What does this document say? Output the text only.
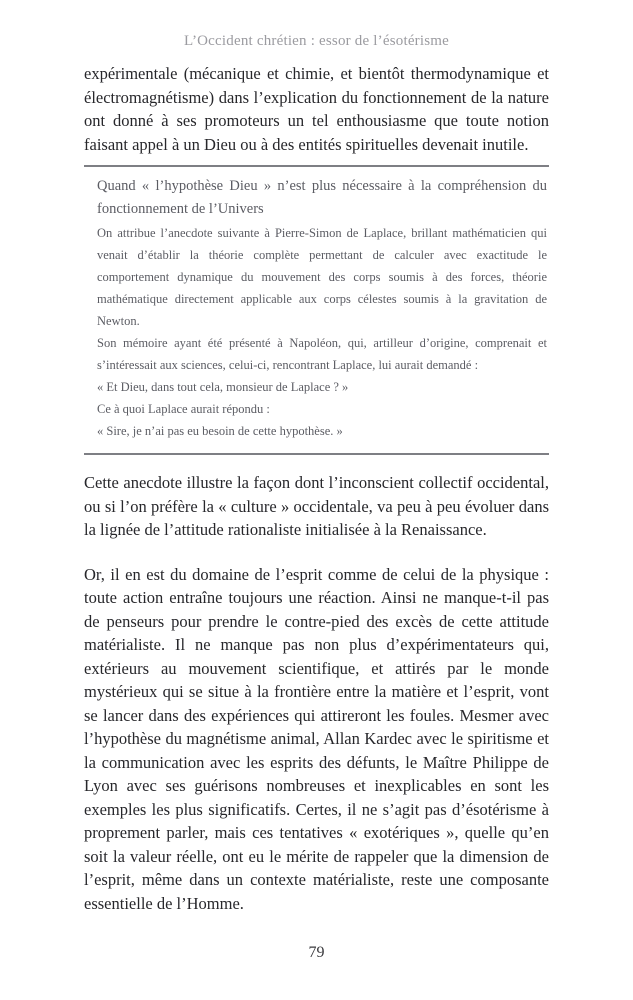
L’Occident chrétien : essor de l’ésotérisme

expérimentale (mécanique et chimie, et bientôt thermodynamique et électromagnétisme) dans l’explication du fonctionnement de la nature ont donné à ses promoteurs un tel enthousiasme que toute notion faisant appel à un Dieu ou à des entités spirituelles devenait inutile.

Quand « l’hypothèse Dieu » n’est plus nécessaire à la compréhension du fonctionnement de l’Univers

On attribue l’anecdote suivante à Pierre-Simon de Laplace, brillant mathématicien qui venait d’établir la théorie complète permettant de calculer avec exactitude le comportement dynamique du mouvement des corps soumis à des forces, théorie mathématique directement applicable aux corps célestes soumis à la gravitation de Newton.

Son mémoire ayant été présenté à Napoléon, qui, artilleur d’origine, comprenait et s’intéressait aux sciences, celui-ci, rencontrant Laplace, lui aurait demandé :

« Et Dieu, dans tout cela, monsieur de Laplace ? »

Ce à quoi Laplace aurait répondu :

« Sire, je n’ai pas eu besoin de cette hypothèse. »

Cette anecdote illustre la façon dont l’inconscient collectif occidental, ou si l’on préfère la « culture » occidentale, va peu à peu évoluer dans la lignée de l’attitude rationaliste initialisée à la Renaissance.

Or, il en est du domaine de l’esprit comme de celui de la physique : toute action entraîne toujours une réaction. Ainsi ne manque-t-il pas de penseurs pour prendre le contre-pied des excès de cette attitude matérialiste. Il ne manque pas non plus d’expérimentateurs qui, extérieurs au mouvement scientifique, et attirés par le monde mystérieux qui se situe à la frontière entre la matière et l’esprit, vont se lancer dans des expériences qui attireront les foules. Mesmer avec l’hypothèse du magnétisme animal, Allan Kardec avec le spiritisme et la communication avec les esprits des défunts, le Maître Philippe de Lyon avec ses guérisons nombreuses et inexplicables en sont les exemples les plus significatifs. Certes, il ne s’agit pas d’ésotérisme à proprement parler, mais ces tentatives « exotériques », quelle qu’en soit la valeur réelle, ont eu le mérite de rappeler que la dimension de l’esprit, même dans un contexte matérialiste, reste une composante essentielle de l’Homme.

79
